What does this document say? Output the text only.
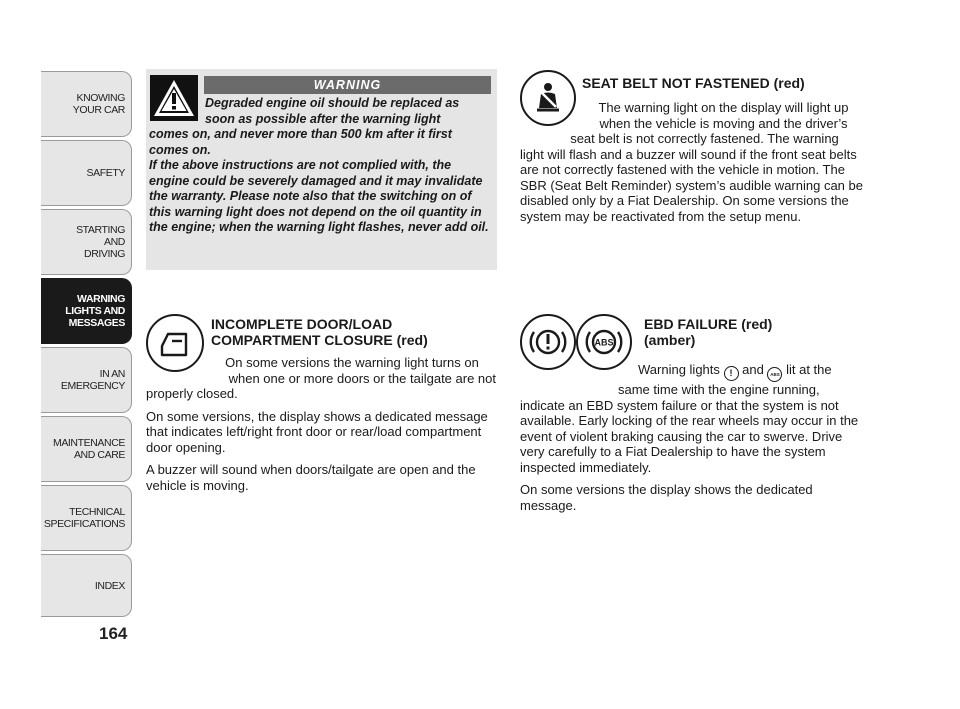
KNOWING
YOUR CAR
SAFETY
STARTING
AND
DRIVING
WARNING
LIGHTS AND
MESSAGES
IN AN
EMERGENCY
MAINTENANCE
AND CARE
TECHNICAL
SPECIFICATIONS
INDEX
164
WARNING
Degraded engine oil should be replaced as
soon as possible after the warning light
comes on, and never more than 500 km after it first comes on.
If the above instructions are not complied with, the engine could be severely damaged and it may invalidate the warranty. Please note also that the switching on of this warning light does not depend on the oil quantity in the engine; when the warning light flashes, never add oil.
SEAT BELT NOT FASTENED (red)
The warning light on the display will light up
when the vehicle is moving and the driver’s
seat belt is not correctly fastened. The warning
light will flash and a buzzer will sound if the front seat belts are not correctly fastened with the vehicle in motion. The SBR (Seat Belt Reminder) system’s audible warning can be disabled only by a Fiat Dealership. On some versions the system may be reactivated from the setup menu.
INCOMPLETE DOOR/LOAD
COMPARTMENT CLOSURE (red)
On some versions the warning light turns on
when one or more doors or the tailgate are not
properly closed.

On some versions, the display shows a dedicated message that indicates left/right front door or rear/load compartment door opening.

A buzzer will sound when doors/tailgate are open and the vehicle is moving.

ABS
EBD FAILURE (red)
(amber)
Warning lights ! and ABS lit at the
same time with the engine running,
indicate an EBD system failure or that the system is not available. Early locking of the rear wheels may occur in the event of violent braking causing the car to swerve. Drive very carefully to a Fiat Dealership to have the system inspected immediately.

On some versions the display shows the dedicated message.
